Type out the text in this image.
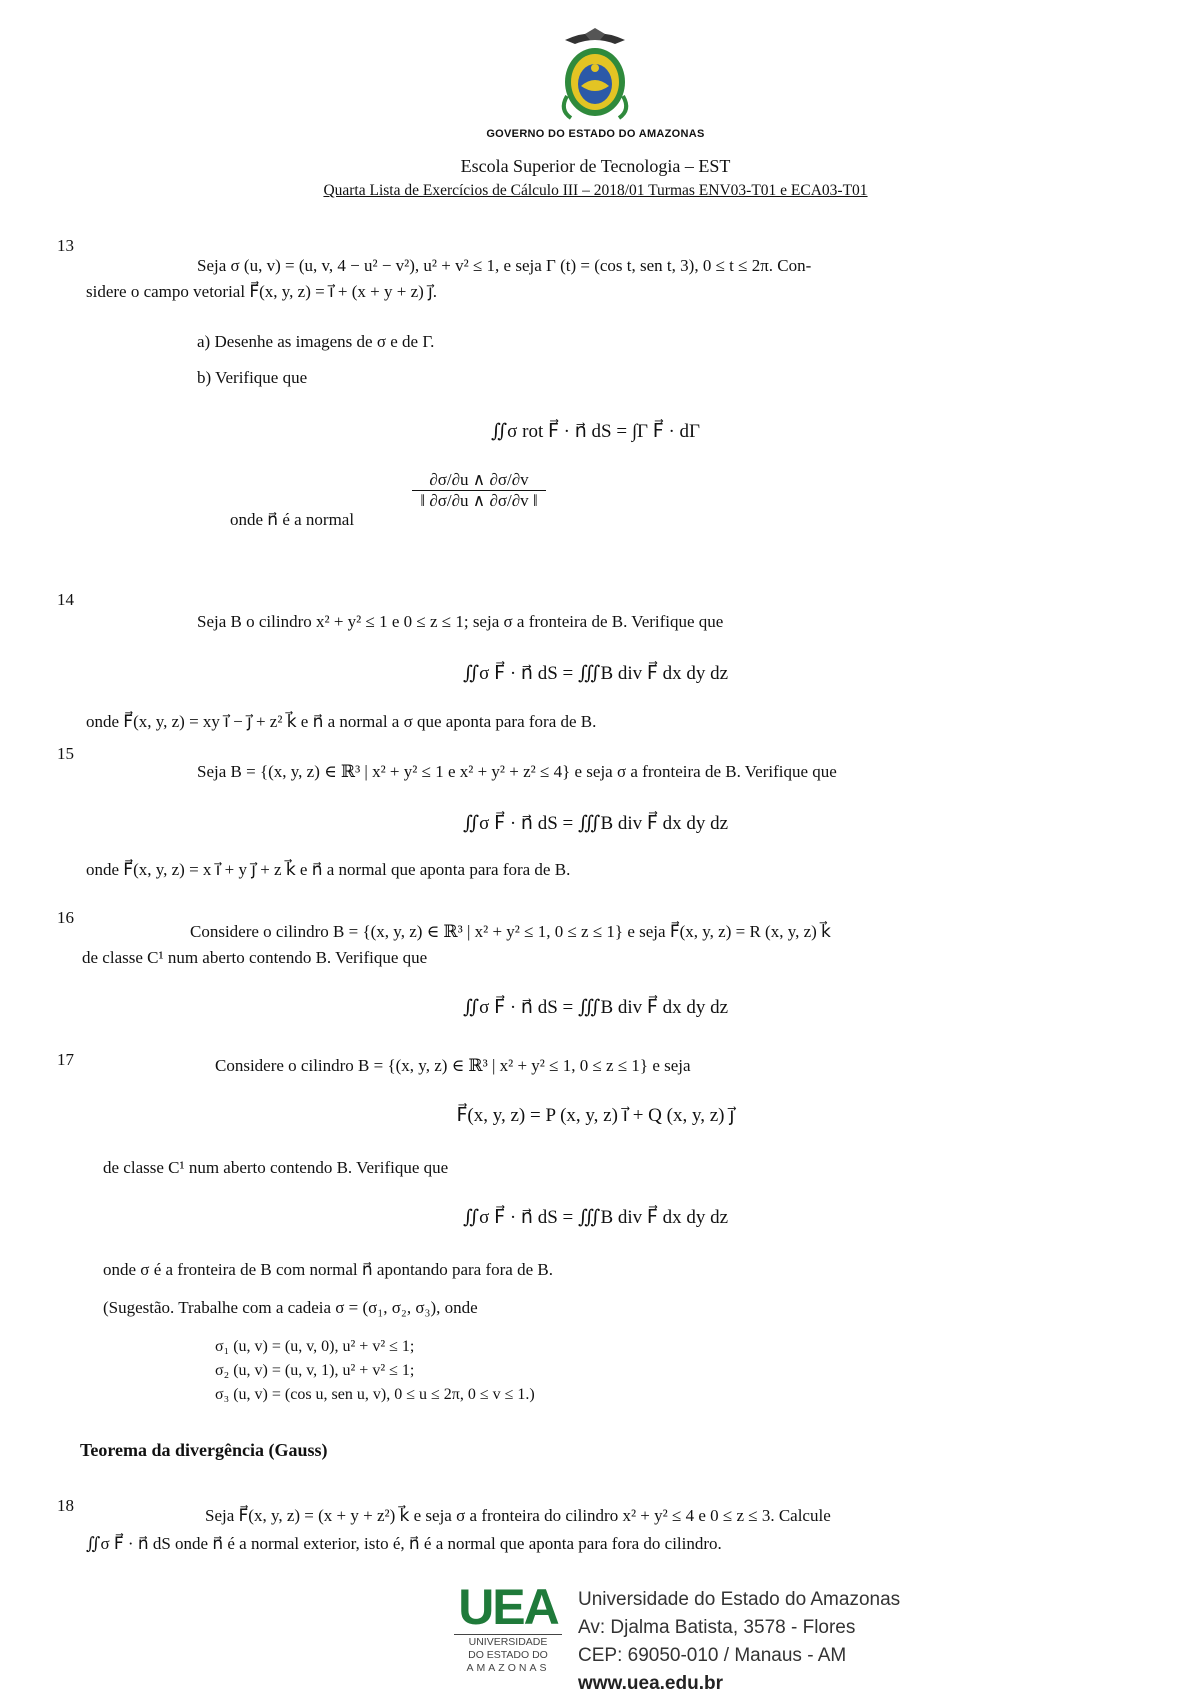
GOVERNO DO ESTADO DO AMAZONAS
Escola Superior de Tecnologia – EST
Quarta Lista de Exercícios de Cálculo III – 2018/01 Turmas ENV03-T01 e ECA03-T01
13
Seja σ (u, v) = (u, v, 4 − u² − v²), u² + v² ≤ 1, e seja Γ (t) = (cos t, sen t, 3), 0 ≤ t ≤ 2π. Con-
sidere o campo vetorial F⃗(x, y, z) = i⃗ + (x + y + z) j⃗.
a) Desenhe as imagens de σ e de Γ.
b) Verifique que
∬σ rot F⃗ · n⃗ dS = ∫Γ F⃗ · dΓ
onde n⃗ é a normal
$\frac{\partial\sigma/\partial u \wedge \partial\sigma/\partial v}{‖ \partial\sigma/\partial u \wedge \partial\sigma/\partial v ‖}$
14
Seja B o cilindro x² + y² ≤ 1 e 0 ≤ z ≤ 1; seja σ a fronteira de B. Verifique que
∬σ F⃗ · n⃗ dS = ∭B div F⃗ dx dy dz
onde F⃗(x, y, z) = xy i⃗ − j⃗ + z² k⃗ e n⃗ a normal a σ que aponta para fora de B.
15
Seja B = {(x, y, z) ∈ ℝ³ | x² + y² ≤ 1 e x² + y² + z² ≤ 4} e seja σ a fronteira de B. Verifique que
∬σ F⃗ · n⃗ dS = ∭B div F⃗ dx dy dz
onde F⃗(x, y, z) = x i⃗ + y j⃗ + z k⃗ e n⃗ a normal que aponta para fora de B.
16
Considere o cilindro B = {(x, y, z) ∈ ℝ³ | x² + y² ≤ 1, 0 ≤ z ≤ 1} e seja F⃗(x, y, z) = R (x, y, z) k⃗
de classe C¹ num aberto contendo B. Verifique que
∬σ F⃗ · n⃗ dS = ∭B div F⃗ dx dy dz
17	Considere o cilindro B = {(x, y, z) ∈ ℝ³ | x² + y² ≤ 1, 0 ≤ z ≤ 1} e seja
F⃗(x, y, z) = P (x, y, z) i⃗ + Q (x, y, z) j⃗
de classe C¹ num aberto contendo B. Verifique que
∬σ F⃗ · n⃗ dS = ∭B div F⃗ dx dy dz
onde σ é a fronteira de B com normal n⃗ apontando para fora de B.
(Sugestão. Trabalhe com a cadeia σ = (σ₁, σ₂, σ₃), onde
σ₁ (u, v) = (u, v, 0), u² + v² ≤ 1;
σ₂ (u, v) = (u, v, 1), u² + v² ≤ 1;
σ₃ (u, v) = (cos u, sen u, v), 0 ≤ u ≤ 2π, 0 ≤ v ≤ 1.)
Teorema da divergência (Gauss)
18
Seja F⃗(x, y, z) = (x + y + z²) k⃗ e seja σ a fronteira do cilindro x² + y² ≤ 4 e 0 ≤ z ≤ 3. Calcule
∬σ F⃗ · n⃗ dS onde n⃗ é a normal exterior, isto é, n⃗ é a normal que aponta para fora do cilindro.
UEA
UNIVERSIDADE
DO ESTADO DO
AMAZONAS
Universidade do Estado do Amazonas
Av: Djalma Batista, 3578 - Flores
CEP: 69050-010 / Manaus - AM
www.uea.edu.br
